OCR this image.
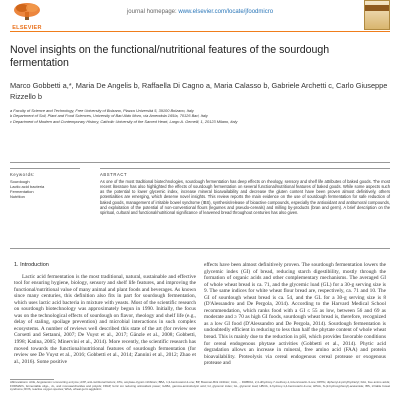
ELSEVIER
journal homepage: www.elsevier.com/locate/jfoodmicro
Novel insights on the functional/nutritional features of the sourdough fermentation
Marco Gobbetti a,*, Maria De Angelis b, Raffaella Di Cagno a, Maria Calasso b, Gabriele Archetti c, Carlo Giuseppe Rizzello b
a Faculty of Science and Technology, Free University of Bolzano, Piazza Università 5, 39100 Bolzano, Italy
b Department of Soil, Plant and Food Sciences, University of Bari Aldo Moro, via Amendola 165/a, 70126 Bari, Italy
c Department of Modern and Contemporary History, Catholic University of the Sacred Heart, Largo A. Gemelli, 1, 20123 Milano, Italy
Keywords:
Sourdough
Lactic acid bacteria
Fermentation
Nutrition
ABSTRACT
As one of the most traditional biotechnologies, sourdough fermentation has deep effects on rheology, sensory and shelf life attributes of baked goods. The most recent literature has also highlighted the effects of sourdough fermentation on several functional/nutritional features of baked goods. While some aspects such as the potential to lower glycemic index, increase mineral bioavailability and decrease the gluten content have been proven almost definitively, others potentialities are emerging, which deserve novel insights. This review reports the main evidence on the use of sourdough fermentation for safe reduction of baked goods, management of irritable bowel syndrome (IBS), synthesis/release of bioactive compounds, especially the antioxidant and antitumoral compounds, and exploitation of the potential of non-conventional flours (legumes and pseudo-cereals) and milling by-products (bran and germ). A brief description on the spiritual, cultural and functional/nutritional significance of leavened bread throughout centuries has also given.
1. Introduction
Lactic acid fermentation is the most traditional, natural, sustainable and effective tool for ensuring hygiene, biology, sensory and shelf life features, and improving the functional/nutritional value of many animal and plant foods and beverages. As known since many centuries, this definition also fits in part for sourdough fermentation, which uses lactic acid bacteria in mixture with yeasts. Most of the scientific research on sourdough biotechnology was approximately begun in 1990. Initially, the focus was on the technological effects of sourdough on flavor, rheology and shelf life (e.g., delay of staling, spoilage prevention) and microbial interactions in such complex ecosystems. A number of reviews well described this state of the art (for review see Corsetti and Settanni, 2007; De Vuyst et al., 2017; Gänzle et al., 2008; Gobbetti, 1998; Katina, 2005; Minervini et al., 2014). More recently, the scientific research has moved towards the functional/nutritional features of sourdough fermentation (for review see De Vuyst et al., 2016; Gobbetti et al., 2014; Zannini et al., 2012; Zhao et al., 2016). Some positive
effects have been almost definitively proven. The sourdough fermentation lowers the glycemic index (GI) of bread, reducing starch digestibility, mostly through the formation of organic acids and other complementary mechanisms. The averaged GI of whole wheat bread is ca. 71, and the glycemic load (GL) for a 30-g serving size is 9. The same indices for white wheat flour bread are, respectively, ca. 71 and 10. The GI of sourdough wheat bread is ca. 54, and the GL for a 30-g serving size is 8 (D'Alessandro and De Pergola, 2014). According to the Harvard Medical School recommendation, which ranks food with a GI ≤ 55 as low, between 56 and 69 as moderate and ≥ 70 as high GI foods, sourdough wheat bread is, therefore, recognized as a low GI food (D'Alessandro and De Pergola, 2014). Sourdough fermentation is undoubtedly efficient in reducing to less than half the phytate content of whole wheat bread. This is mainly due to the reduction in pH, which provides favorable conditions for cereal endogenous phytase activities (Gobbetti et al., 2014). Phytic acid degradation allows an increase in mineral, free amino acid (FAA) and protein bioavailability. Proteolysis via cereal endogenous cereal protease or exogenous protease and
Abbreviations: ACE, Angiotensin I-converting enzyme; AXP, anti-nutritional factors; ATIs, amylase-trypsin inhibitors; BBA, 1,3-benzoxazol-2-one; BP, Bowman-Birk inhibitor; CAA, ... DiMBOA, 2,4-dihydroxy-7-methoxy-1,4-benzoxazin-3-one; DPPH, diphenyl-2-picrylhydrazyl; FAA, free amino acids; FODMAPs, fermentable oligo-, di-, and monosaccharides and polyols; FRAP, ferric ion reducing antioxidant power; GABA, gamma-aminobutyric acid; GI, glycemic index; GL, glycemic load; HBOA, 2-hydroxy-1,4-benzoxazin-3-one; HPAA, N-(2-hydroxyphenyl)-acetamide; IBS, irritable bowel syndrome; ROS, reactive oxygen species; WGA, wheat germ agglutinin
